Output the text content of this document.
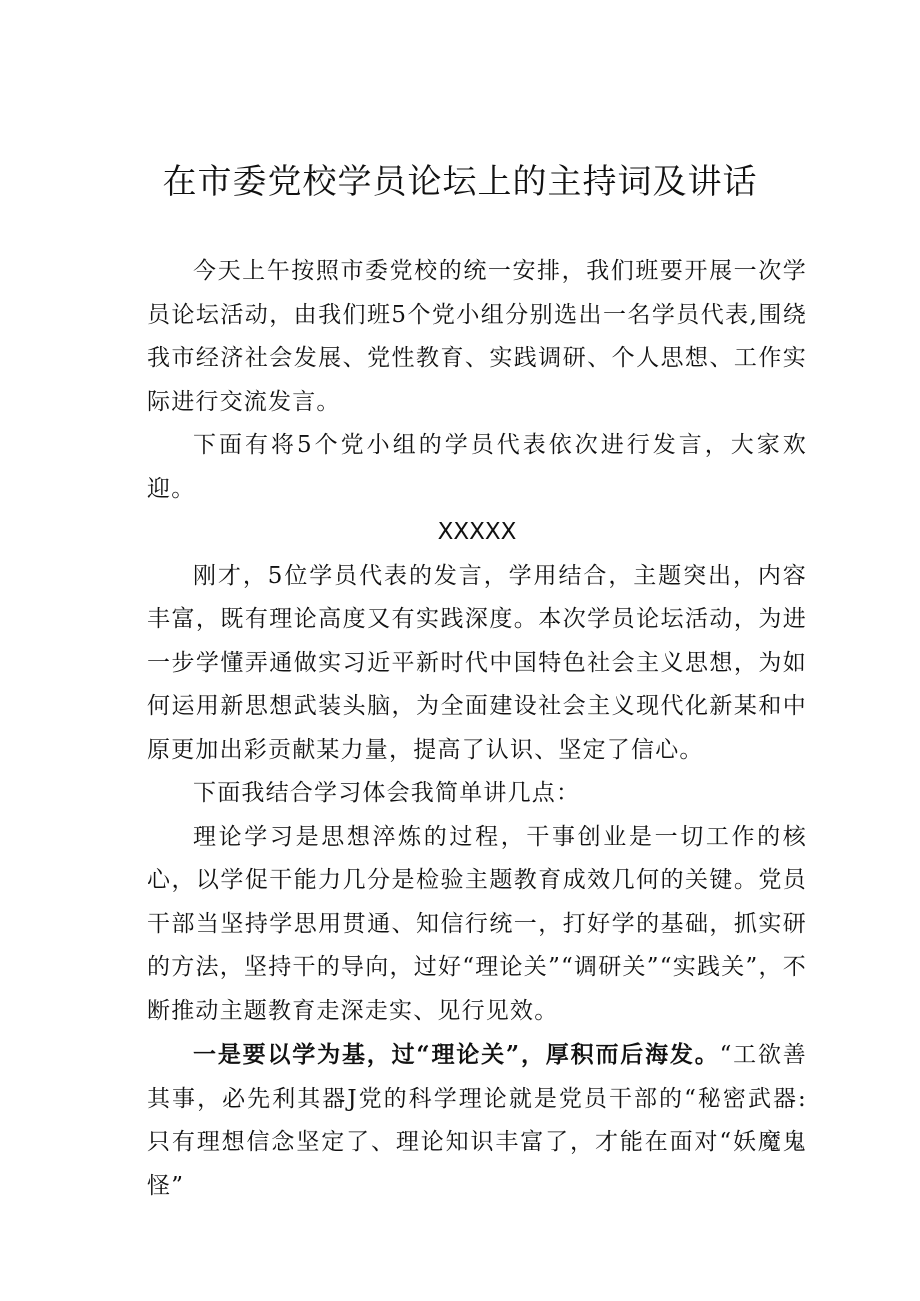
在市委党校学员论坛上的主持词及讲话

今天上午按照市委党校的统一安排，我们班要开展一次学员论坛活动，由我们班5个党小组分别选出一名学员代表,围绕我市经济社会发展、党性教育、实践调研、个人思想、工作实际进行交流发言。

下面有将5个党小组的学员代表依次进行发言，大家欢迎。

XXXXX

刚才，5位学员代表的发言，学用结合，主题突出，内容丰富，既有理论高度又有实践深度。本次学员论坛活动，为进一步学懂弄通做实习近平新时代中国特色社会主义思想，为如何运用新思想武装头脑，为全面建设社会主义现代化新某和中原更加出彩贡献某力量，提高了认识、坚定了信心。

下面我结合学习体会我简单讲几点：

理论学习是思想淬炼的过程，干事创业是一切工作的核心，以学促干能力几分是检验主题教育成效几何的关键。党员干部当坚持学思用贯通、知信行统一，打好学的基础，抓实研的方法，坚持干的导向，过好“理论关”“调研关”“实践关”，不断推动主题教育走深走实、见行见效。

一是要以学为基，过“理论关”，厚积而后海发。“工欲善其事，必先利其器J党的科学理论就是党员干部的“秘密武器:只有理想信念坚定了、理论知识丰富了，才能在面对“妖魔鬼怪”
